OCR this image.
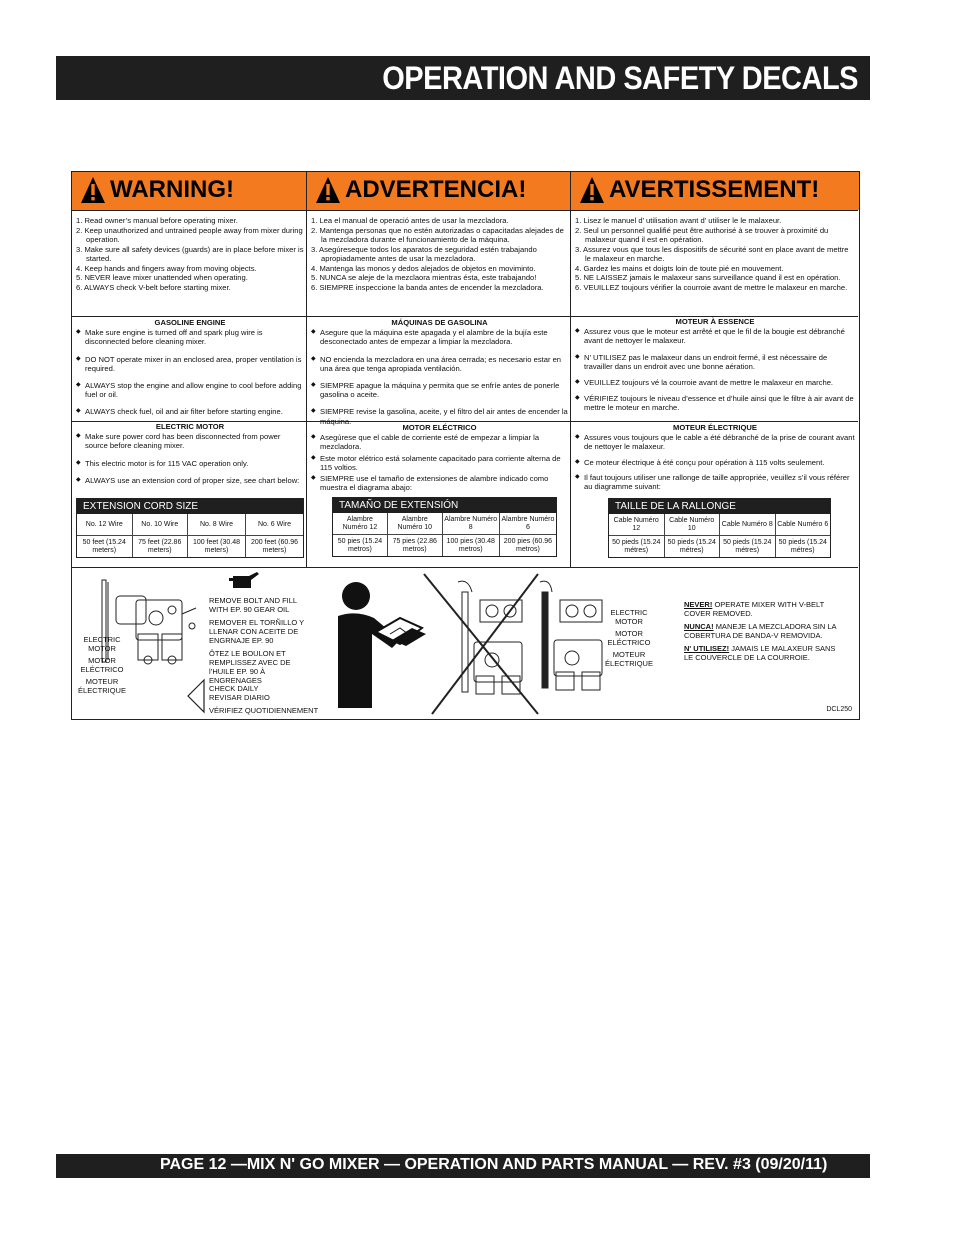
OPERATION AND SAFETY DECALS
WARNING!	ADVERTENCIA!	AVERTISSEMENT!
1. Read owner’s manual before operating mixer.
2. Keep unauthorized and untrained people away from mixer during operation.
3. Make sure all safety devices (guards) are in place before mixer is started.
4. Keep hands and fingers away from moving objects.
5. NEVER leave mixer unattended when operating.
6. ALWAYS check V-belt before starting mixer.
GASOLINE ENGINE
◆ Make sure engine is turned off and spark plug wire is disconnected before cleaning mixer.
◆ DO NOT operate mixer in an enclosed area, proper ventilation is required.
◆ ALWAYS stop the engine and allow engine to cool before adding fuel or oil.
◆ ALWAYS check fuel, oil and air filter before starting engine.
ELECTRIC MOTOR
◆ Make sure power cord has been disconnected from power source before cleaning mixer.
◆ This electric motor is for 115 VAC operation only.
◆ ALWAYS use an extension cord of proper size, see chart below:
EXTENSION CORD SIZE
No. 12 Wire	No. 10 Wire	No. 8 Wire	No. 6 Wire
50 feet (15.24 meters)	75 feet (22.86 meters)	100 feet (30.48 meters)	200 feet (60.96 meters)
1. Lea el manual de operació antes de usar la mezcladora.
2. Mantenga personas que no estén autorizadas o capacitadas alejades de la mezcladora durante el funcionamiento de la máquina.
3. Asegúreseque todos los aparatos de seguridad estén trabajando apropiadamente antes de usar la mezcladora.
4. Mantenga las monos y dedos alejados de objetos en moviminto.
5. NUNCA se aleje de la mezclaora mientras ésta, este trabajando!
6. SIEMPRE inspeccione la banda antes de encender la mezcladora.
MÁQUINAS DE GASOLINA
◆ Asegure que la máquina este apagada y el alambre de la bujía este desconectado antes de empezar a limpiar la mezcladora.
◆ NO encienda la mezcladora en una área cerrada; es necesario estar en una área que tenga apropiada ventilación.
◆ SIEMPRE apague la máquina y permita que se enfríe antes de ponerle gasolina o aceite.
◆ SIEMPRE revise la gasolina, aceite, y el filtro del air antes de encender la máquina.
MOTOR ELÉCTRICO
◆ Asegúrese que el cable de corriente esté de empezar a limpiar la mezcladora.
◆ Este motor elétrico está solamente capacitado para corriente alterna de 115 voltios.
◆ SIEMPRE use el tamaño de extensiones de alambre indicado como muestra el diagrama abajo:
TAMAÑO DE EXTENSIÓN
Alambre Numéro 12	Alambre Numéro 10	Alambre Numéro 8	Alambre Numéro 6
50 pies (15.24 metros)	75 pies (22.86 metros)	100 pies (30.48 metros)	200 pies (60.96 metros)
1. Lisez le manuel d’ utilisation avant d’ utiliser le le malaxeur.
2. Seul un personnel qualifié peut être authorisé à se trouver à proximité du malaxeur quand il est en opération.
3. Assurez vous que tous les dispositifs de sécurité sont en place avant de mettre le malaxeur en marche.
4. Gardez les mains et doigts loin de toute pié en mouvement.
5. NE LAISSEZ jamais le malaxeur sans surveillance quand il est en opération.
6. VEUILLEZ toujours vérifier la courroie avant de mettre le malaxeur en marche.
MOTEUR À ESSENCE
◆ Assurez vous que le moteur est arrêté et que le fil de la bougie est débranché avant de nettoyer le malaxeur.
◆ N’ UTILISEZ pas le malaxeur dans un endroit fermé, il est nécessaire de travailler dans un endroit avec une bonne aération.
◆ VEUILLEZ toujours vé la courroie avant de mettre le malaxeur en marche.
◆ VÉRIFIEZ toujours le niveau d’essence et d’huile ainsi que le filtre à air avant de mettre le moteur en marche.
MOTEUR ÉLECTRIQUE
◆ Assures vous toujours que le cable a été débranché de la prise de courant avant de nettoyer le malaxeur.
◆ Ce moteur électrique à été conçu pour opération à 115 volts seulement.
◆ Il faut toujours utiliser une rallonge de taille appropriée, veuillez s’il vous référer au diagramme suivant:
TAILLE DE LA RALLONGE
Cable Numéro 12	Cable Numéro 10	Cable Numéro 8	Cable Numéro 6
50 pieds (15.24 métres)	50 pieds (15.24 métres)	50 pieds (15.24 métres)	50 pieds (15.24 métres)
ELECTRIC MOTOR
MOTOR ELÉCTRICO
MOTEUR ÉLECTRIQUE
REMOVE BOLT AND FILL WITH EP. 90 GEAR OIL
REMOVER EL TORÑILLO Y LLENAR CON ACEITE DE ENGRNAJE EP. 90
ÔTEZ LE BOULON ET REMPLISSEZ AVEC DE l’HUILE EP. 90 À ENGRENAGES
CHECK DAILY
REVISAR DIARIO
VÉRIFIEZ QUOTIDIENNEMENT
ELECTRIC MOTOR
MOTOR ELÉCTRICO
MOTEUR ÉLECTRIQUE
NEVER! OPERATE MIXER WITH V-BELT COVER REMOVED.
NUNCA! MANEJE LA MEZCLADORA SIN LA COBERTURA DE BANDA-V REMOVIDA.
N' UTILISEZ! JAMAIS LE MALAXEUR SANS LE COUVERCLE DE LA COURROIE.
DCL250
PAGE 12 —MIX N' GO MIXER — OPERATION AND PARTS MANUAL — REV. #3 (09/20/11)
